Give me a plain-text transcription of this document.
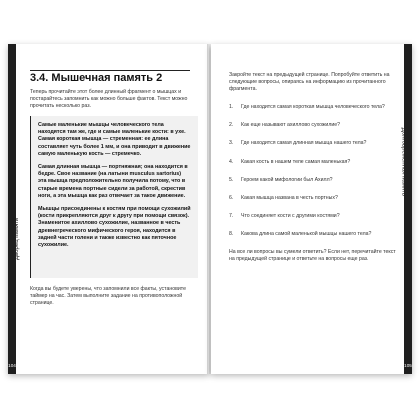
104
Дворец памяти
3.4. Мышечная память 2

Теперь прочитайте этот более длинный фрагмент о мышцах и постарайтесь запомнить как можно больше фактов. Текст можно прочитать несколько раз.

Самые маленькие мышцы человеческого тела находятся там же, где и самые маленькие кости: в ухе. Самая короткая мышца — стременная: ее длина составляет чуть более 1 мм, и она приводит в движение самую маленькую кость — стремечко.

Самая длинная мышца — портняжная; она находится в бедре. Свое название (на латыни musculus sartorius) эта мышца предположительно получила потому, что в старые времена портные сидели за работой, скрестив ноги, а эта мышца как раз отвечает за такое движение.

Мышцы присоединены к костям при помощи сухожилий (кости прикрепляются друг к другу при помощи связок). Знаменитое ахиллово сухожилие, названное в честь древнегреческого мифического героя, находится в задней части голени и также известно как пяточное сухожилие.

Когда вы будете уверены, что запомнили все факты, установите таймер на час. Затем выполните задание на противоположной странице.

105
Долговременная память

Закройте текст на предыдущей странице. Попробуйте ответить на следующие вопросы, опираясь на информацию из прочитанного фрагмента.

1.	Где находится самая короткая мышца человеческого тела?
2.	Как еще называют ахиллово сухожилие?
3.	Где находится самая длинная мышца нашего тела?
4.	Какая кость в нашем теле самая маленькая?
5.	Героем какой мифологии был Ахилл?
6.	Какая мышца названа в честь портных?
7.	Что соединяет кости с другими костями?
8.	Какова длина самой маленькой мышцы нашего тела?

На все ли вопросы вы сумели ответить? Если нет, перечитайте текст на предыдущей странице и ответьте на вопросы еще раз.
